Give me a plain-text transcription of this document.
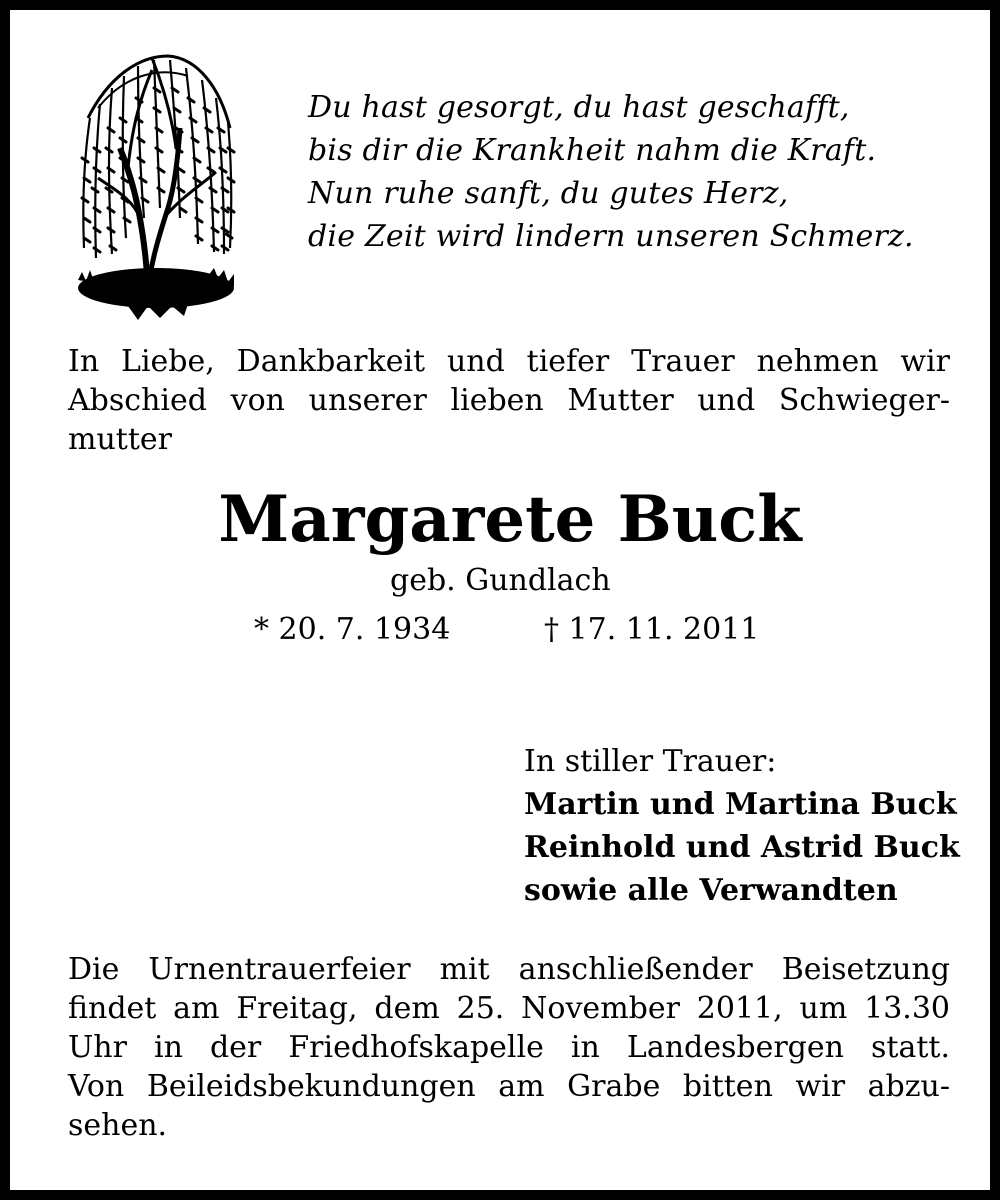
Du hast gesorgt, du hast geschafft,
bis dir die Krankheit nahm die Kraft.
Nun ruhe sanft, du gutes Herz,
die Zeit wird lindern unseren Schmerz.
In Liebe, Dankbarkeit und tiefer Trauer nehmen wir
Abschied von unserer lieben Mutter und Schwieger-
mutter
Margarete Buck
geb. Gundlach
* 20. 7. 1934	† 17. 11. 2011
In stiller Trauer:
Martin und Martina Buck
Reinhold und Astrid Buck
sowie alle Verwandten
Die Urnentrauerfeier mit anschließender Beisetzung
findet am Freitag, dem 25. November 2011, um 13.30
Uhr in der Friedhofskapelle in Landesbergen statt.
Von Beileidsbekundungen am Grabe bitten wir abzu-
sehen.
